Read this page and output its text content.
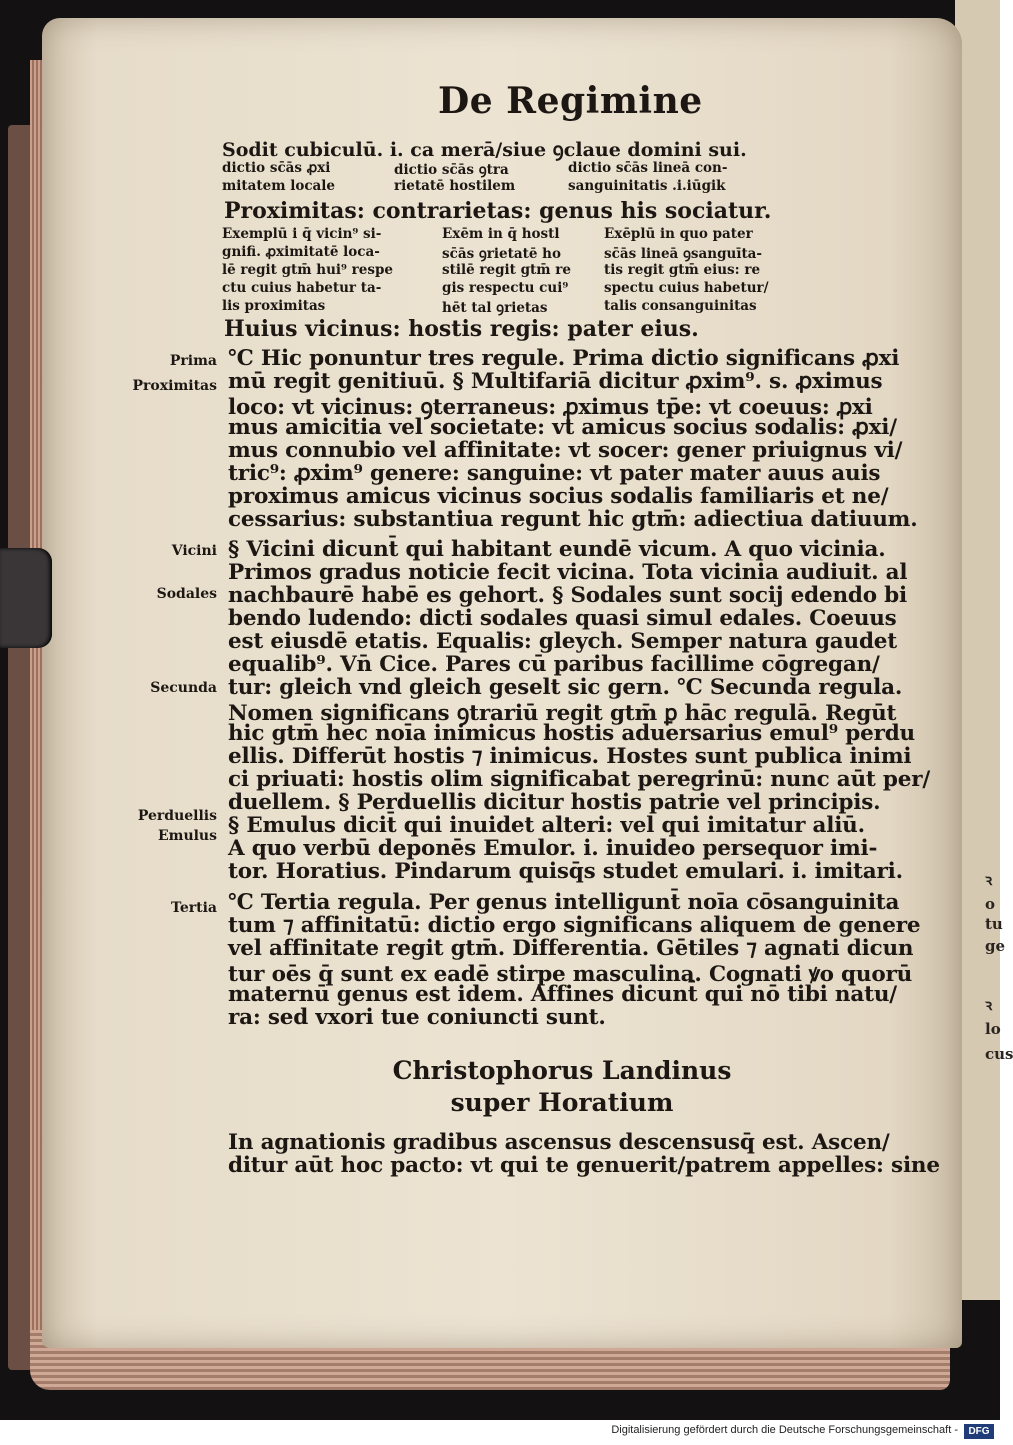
ꝛ
o
tu
ge
ꝛ
lo
cus
De Regimine
Sodit cubiculū. i. ca merā/siue ꝯclaue domini sui.
dictio sc̄ās ꝓxi
mitatem locale
dictio sc̄ās ꝯtra
rietatē hostilem
dictio sc̄ās lineā con-
sanguinitatis .i.iūgik
Proximitas: contrarietas: genus his sociatur.
Exemplū i q̄ vicin⁹ si-
gnifi. ꝓximitatē loca-
lē regit gtm̄ hui⁹ respe
ctu cuius habetur ta-
lis proximitas
Exēm in q̄ hostl
sc̄ās ꝯrietatē ho
stilē regit gtm̄ re
gis respectu cui⁹
hēt tal ꝯrietas
Exēplū in quo pater
sc̄ās lineā ꝯsanguīta-
tis regit gtm̄ eius: re
spectu cuius habetur/
talis consanguinitas
Huius vicinus: hostis regis: pater eius.
Prima
Proximitas
Vicini
Sodales
Secunda
Perduellis
Emulus
Tertia
℃ Hic ponuntur tres regule. Prima dictio significans ꝓxi
mū regit genitiuū. § Multifariā dicitur ꝓxim⁹. s. ꝓximus
loco: vt vicinus: ꝯterraneus: ꝓximus tp̄e: vt coeuus: ꝓxi
mus amicitia vel societate: vt amicus socius sodalis: ꝓxi/
mus connubio vel affinitate: vt socer: gener priuignus vi/
tric⁹: ꝓxim⁹ genere: sanguine: vt pater mater auus auis
proximus amicus vicinus socius sodalis familiaris et ne/
cessarius: substantiua regunt hic gtm̄: adiectiua datiuum.
§ Vicini dicunt̄ qui habitant eundē vicum. A quo vicinia.
Primos gradus noticie fecit vicina. Tota vicinia audiuit. al
nachbaurē habē es gehort. § Sodales sunt socij edendo bi
bendo ludendo: dicti sodales quasi simul edales. Coeuus
est eiusdē etatis. Equalis: gleych. Semper natura gaudet
equalib⁹. Vn̄ Cice. Pares cū paribus facillime cōgregan/
tur: gleich vnd gleich geselt sic gern. ℃ Secunda regula.
Nomen significans ꝯtrariū regit gtm̄ ꝑ hāc regulā. Regūt
hic gtm̄ hec noīa inimicus hostis aduersarius emul⁹ perdu
ellis. Differūt hostis ⁊ inimicus. Hostes sunt publica inimi
ci priuati: hostis olim significabat peregrinū: nunc aūt per/
duellem. § Perduellis dicitur hostis patrie vel principis.
§ Emulus dicit̄ qui inuidet alteri: vel qui imitatur aliū.
A quo verbū deponēs Emulor. i. inuideo persequor imi-
tor. Horatius. Pindarum quisq̄s studet emulari. i. imitari.
℃ Tertia regula. Per genus intelligunt̄ noīa cōsanguinita
tum ⁊ affinitatū: dictio ergo significans aliquem de genere
vel affinitate regit gtm̄. Differentia. Gētiles ⁊ agnati dicun
tur oēs q̄ sunt ex eadē stirpe masculina. Cognati ꝟo quorū
maternū genus est idem. Affines dicunt̄ qui nō tibi natu/
ra: sed vxori tue coniuncti sunt.
Christophorus Landinus
super Horatium
In agnationis gradibus ascensus descensusq̄ est. Ascen/
ditur aūt hoc pacto: vt qui te genuerit/patrem appelles: sine
Digitalisierung gefördert durch die Deutsche Forschungsgemeinschaft -	DFG
